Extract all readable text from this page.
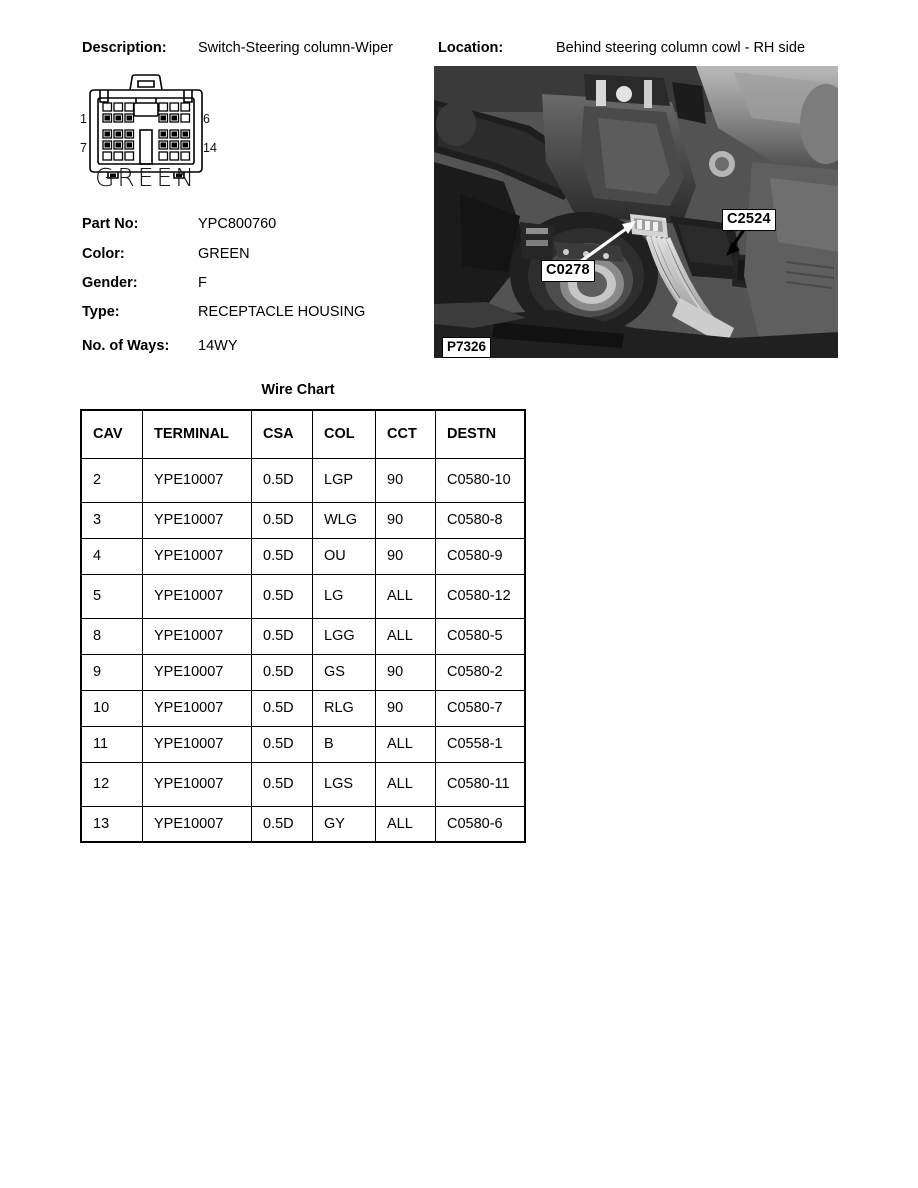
Description: Switch-Steering column-Wiper	Location:	Behind steering column cowl - RH side
1	6
7	14
GREEN
Part No:	YPC800760
Color:	GREEN
Gender:	F
Type:	RECEPTACLE HOUSING
No. of Ways: 14WY
C2524
C0278
P7326
Wire Chart
CAV	TERMINAL	CSA	COL	CCT	DESTN
2	YPE10007	0.5D	LGP	90	C0580-10
3	YPE10007	0.5D	WLG	90	C0580-8
4	YPE10007	0.5D	OU	90	C0580-9
5	YPE10007	0.5D	LG	ALL	C0580-12
8	YPE10007	0.5D	LGG	ALL	C0580-5
9	YPE10007	0.5D	GS	90	C0580-2
10	YPE10007	0.5D	RLG	90	C0580-7
11	YPE10007	0.5D	B	ALL	C0558-1
12	YPE10007	0.5D	LGS	ALL	C0580-11
13	YPE10007	0.5D	GY	ALL	C0580-6
